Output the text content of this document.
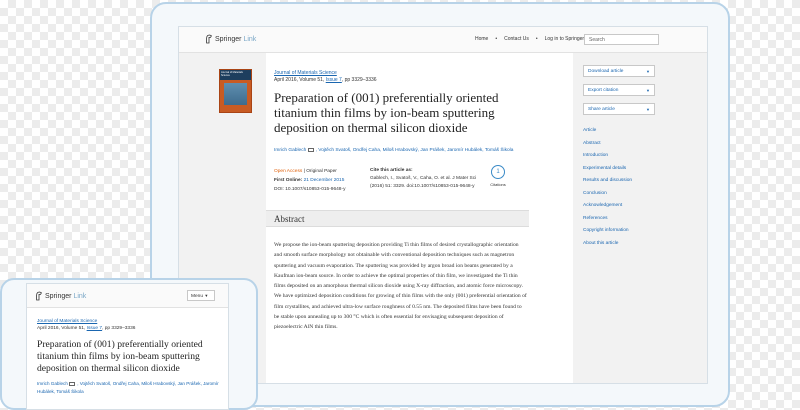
Springer Link	Home • Contact Us • Log in to Springer Search
Journal of Materials Science	Journal of Materials Science
April 2016, Volume 51, Issue 7, pp 3329–3336
Preparation of (001) preferentially oriented titanium thin films by ion-beam sputtering deposition on thermal silicon dioxide
Imrich Gablech , Vojtěch Svatoš, Ondřej Caha, Miloš Hrabovský, Jan Prášek, Jaromír Hubálek, Tomáš Šikola
Open Access | Original Paper
First Online: 21 December 2015
DOI: 10.1007/s10853-015-9648-y
Cite this article as:
Gablech, I., Svatoš, V., Caha, O. et al. J Mater Sci (2016) 51: 3329. doi:10.1007/s10853-015-9648-y
1
Citations
Abstract
We propose the ion-beam sputtering deposition providing Ti thin films of desired crystallographic orientation and smooth surface morphology not obtainable with conventional deposition techniques such as magnetron sputtering and vacuum evaporation. The sputtering was provided by argon broad ion beams generated by a Kaufman ion-beam source. In order to achieve the optimal properties of thin film, we investigated the Ti thin films deposited on an amorphous thermal silicon dioxide using X-ray diffraction, and atomic force microscopy. We have optimized deposition conditions for growing of thin films with the only (001) preferential orientation of film crystallites, and achieved ultra-low surface roughness of 0.55 nm. The deposited films have been found to be stable upon annealing up to 300 °C which is often essential for envisaging subsequent deposition of piezoelectric AlN thin films.
Download article	▼
Export citation	▼
Share article	▼
Article
Abstract
Introduction
Experimental details
Results and discussion
Conclusion
Acknowledgement
References
Copyright information
About this article
Springer Link	Menu ▼
Journal of Materials Science
April 2016, Volume 51, Issue 7, pp 3329–3336
Preparation of (001) preferentially oriented titanium thin films by ion-beam sputtering deposition on thermal silicon dioxide
Imrich Gablech , Vojtěch Svatoš, Ondřej Caha, Miloš Hrabovský, Jan Prášek, Jaromír Hubálek, Tomáš Šikola
